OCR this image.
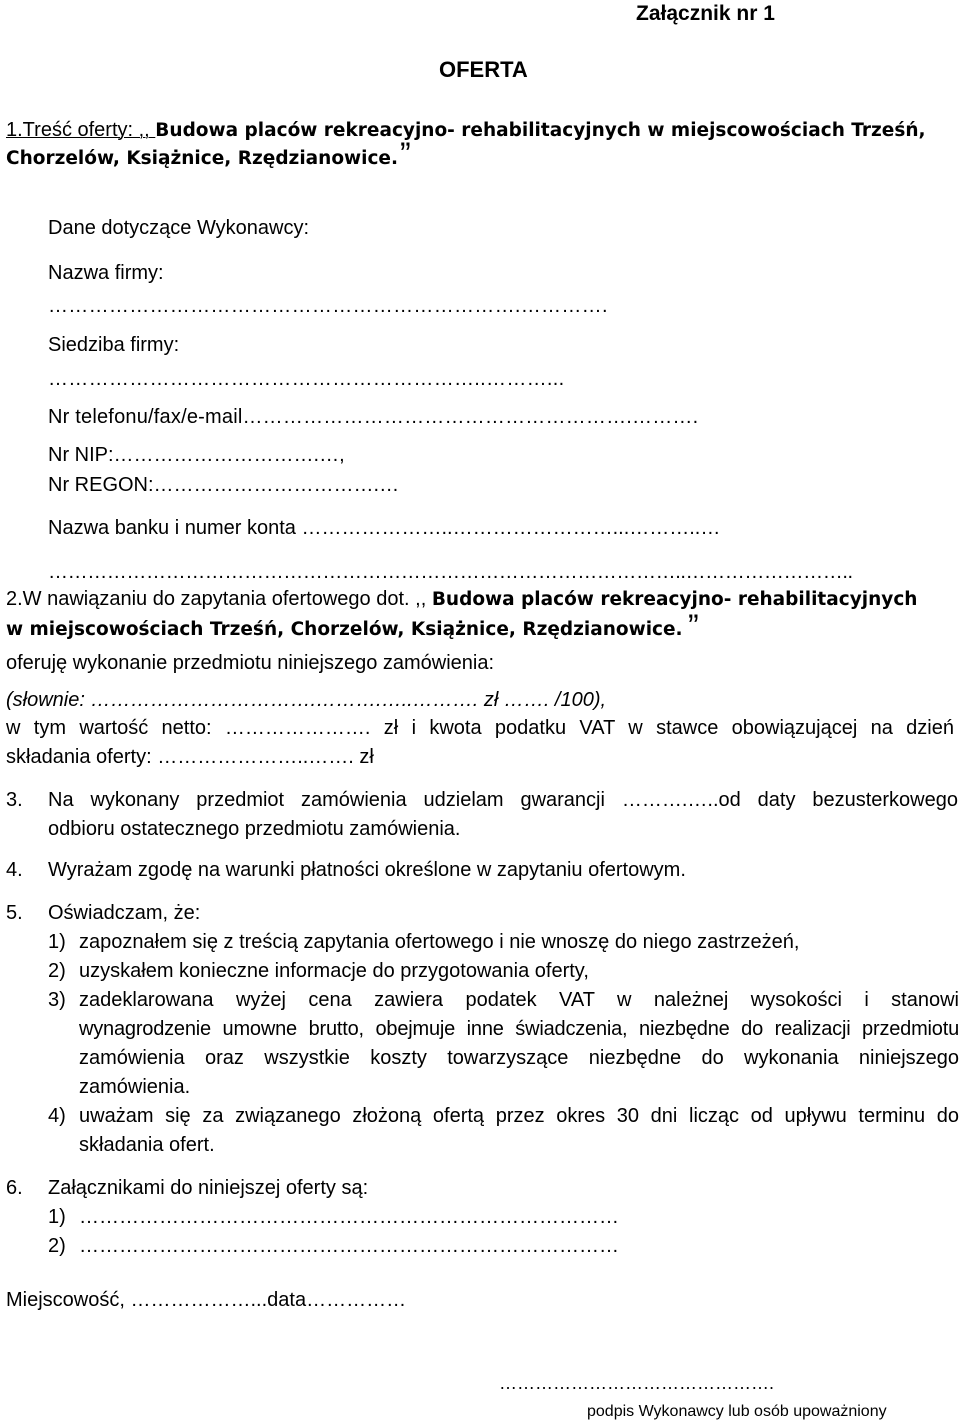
Załącznik nr 1
OFERTA
1.Treść oferty: ,, Budowa placów rekreacyjno- rehabilitacyjnych w miejscowościach Trześń,
Chorzelów, Książnice, Rzędzianowice. ”
Dane dotyczące Wykonawcy:
Nazwa firmy:
…………………………………………………………….………….
Siedziba firmy:
………………………………………………………..………...
Nr telefonu/fax/e-mail………………………………………………….……….
Nr NIP:………………………….…,
Nr REGON:…………………………….…
Nazwa banku i numer konta …………………..……………………...………..…
……………………………………………………………………………………..……………………..
2.W nawiązaniu do zapytania ofertowego dot. ,, Budowa placów rekreacyjno- rehabilitacyjnych
w miejscowościach Trześń, Chorzelów, Książnice, Rzędzianowice. ”
oferuję wykonanie przedmiotu niniejszego zamówienia:
(słownie: …………………………….……….…..………. zł ……. /100),
w tym wartość netto: …………………. zł i kwota podatku VAT w stawce obowiązującej na dzień
składania oferty: …………………..……. zł
3. Na wykonany przedmiot zamówienia udzielam gwarancji ……….…..od daty bezusterkowego
odbioru ostatecznego przedmiotu zamówienia.
4. Wyrażam zgodę na warunki płatności określone w zapytaniu ofertowym.
5. Oświadczam, że:
1) zapoznałem się z treścią zapytania ofertowego i nie wnoszę do niego zastrzeżeń,
2) uzyskałem konieczne informacje do przygotowania oferty,
3) zadeklarowana wyżej cena zawiera podatek VAT w należnej wysokości i stanowi
wynagrodzenie umowne brutto, obejmuje inne świadczenia, niezbędne do realizacji przedmiotu
zamówienia oraz wszystkie koszty towarzyszące niezbędne do wykonania niniejszego
zamówienia.
4) uważam się za związanego złożoną ofertą przez okres 30 dni licząc od upływu terminu do
składania ofert.
6. Załącznikami do niniejszej oferty są:
1) ………………………………………………………………………
2) ………………………………………………………………………
Miejscowość, ………………...data……………
……………………………………….
podpis Wykonawcy lub osób upoważniony
